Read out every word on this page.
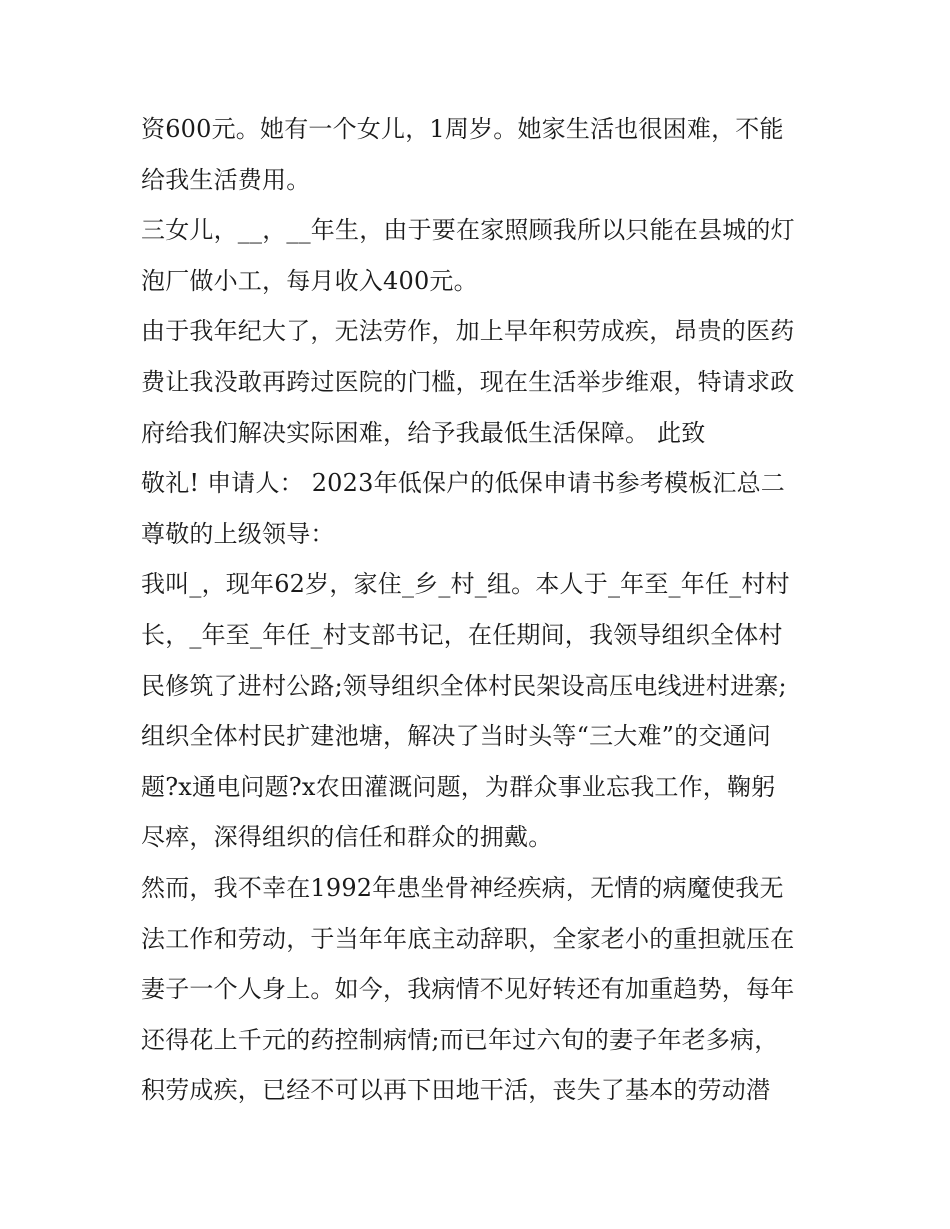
资600元。她有一个女儿，1周岁。她家生活也很困难，不能
给我生活费用。
三女儿，__，__年生，由于要在家照顾我所以只能在县城的灯
泡厂做小工，每月收入400元。
由于我年纪大了，无法劳作，加上早年积劳成疾，昂贵的医药
费让我没敢再跨过医院的门槛，现在生活举步维艰，特请求政
府给我们解决实际困难，给予我最低生活保障。 此致
敬礼! 申请人： 2023年低保户的低保申请书参考模板汇总二
尊敬的上级领导：
我叫_，现年62岁，家住_乡_村_组。本人于_年至_年任_村村
长，_年至_年任_村支部书记，在任期间，我领导组织全体村
民修筑了进村公路;领导组织全体村民架设高压电线进村进寨;
组织全体村民扩建池塘，解决了当时头等“三大难”的交通问
题?x通电问题?x农田灌溉问题，为群众事业忘我工作，鞠躬
尽瘁，深得组织的信任和群众的拥戴。
然而，我不幸在1992年患坐骨神经疾病，无情的病魔使我无
法工作和劳动，于当年年底主动辞职，全家老小的重担就压在
妻子一个人身上。如今，我病情不见好转还有加重趋势，每年
还得花上千元的药控制病情;而已年过六旬的妻子年老多病，
积劳成疾，已经不可以再下田地干活，丧失了基本的劳动潜
